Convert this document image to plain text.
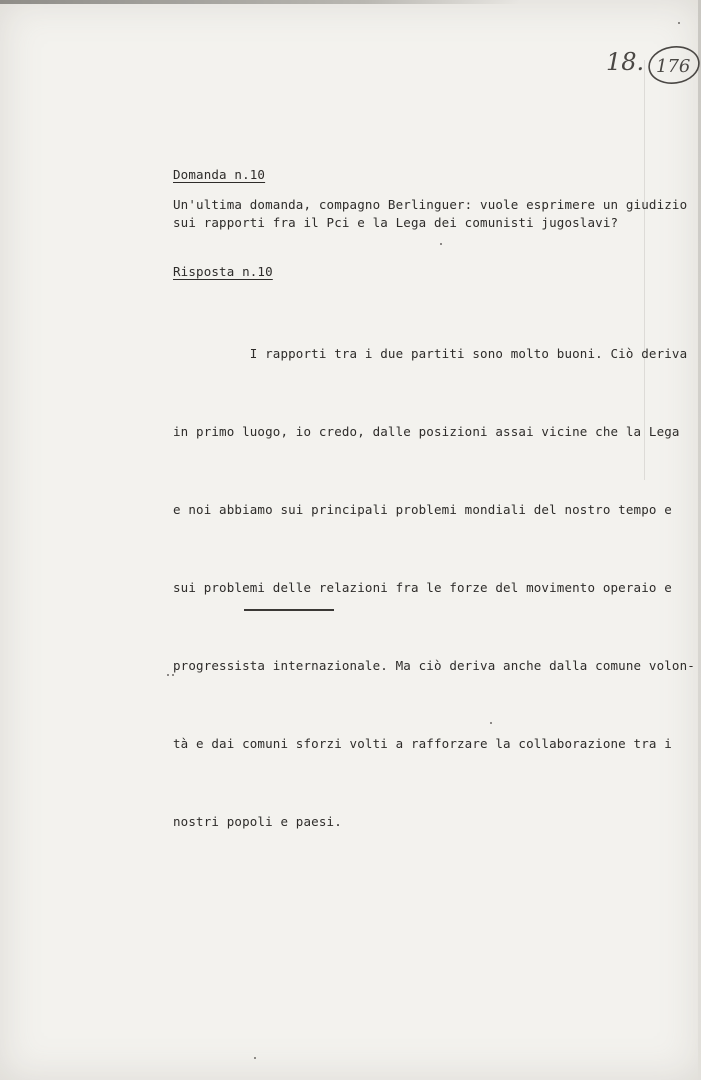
18. 176
Domanda n.10
Un'ultima domanda, compagno Berlinguer: vuole esprimere un giudizio
sui rapporti fra il Pci e la Lega dei comunisti jugoslavi?
Risposta n.10

I rapporti tra i due partiti sono molto buoni. Ciò deriva

in primo luogo, io credo, dalle posizioni assai vicine che la Lega

e noi abbiamo sui principali problemi mondiali del nostro tempo e

sui problemi delle relazioni fra le forze del movimento operaio e

progressista internazionale. Ma ciò deriva anche dalla comune volon-

tà e dai comuni sforzi volti a rafforzare la collaborazione tra i

nostri popoli e paesi.
